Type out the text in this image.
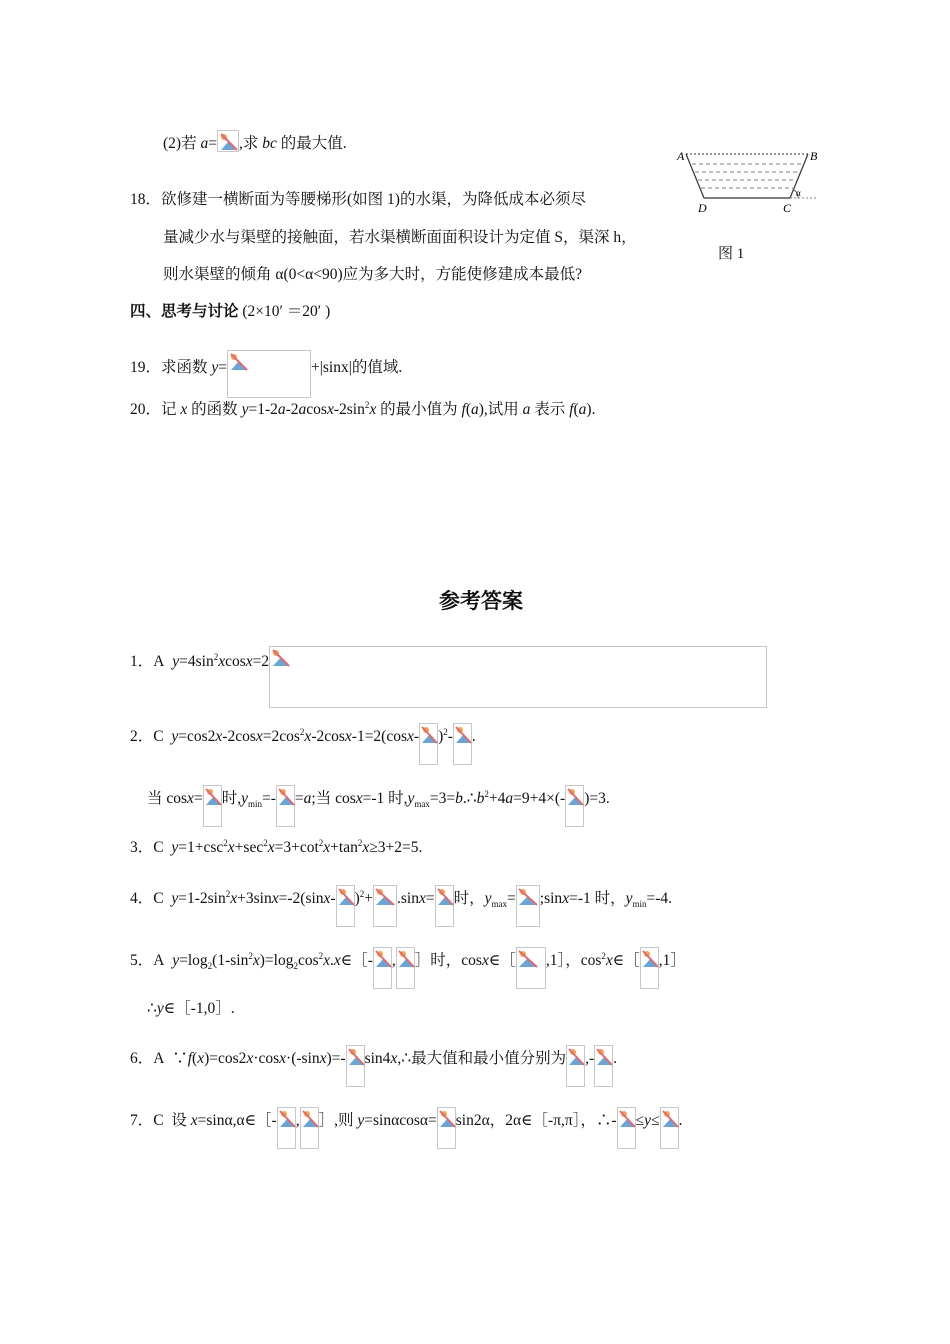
(2)若 a= ,求 bc 的最大值.
18．欲修建一横断面为等腰梯形(如图 1)的水渠，为降低成本必须尽
量减少水与渠壁的接触面，若水渠横断面面积设计为定值 S，渠深 h，
则水渠壁的倾角 α(0<α<90)应为多大时，方能使修建成本最低?
A	B
D	C
α
图 1
四、思考与讨论 (2×10′ ＝20′ )
19．求函数 y=	+|sinx|的值域.
20．记 x 的函数 $y=1-2a-2acosx-2\sin^2x$ 的最小值为 f(a),试用 a 表示 f(a).
参考答案
1．A $y=4\sin^2xcosx=2$
2．C $y=\cos 2x-2\cos x=2\cos^2x-2\cos x-1=2(\cos x-$ )$^2$- .
当 cosx= 时$,y_{min}=- =a$;当 cosx=-1 时$,y_{max}=3=b.\therefore b^2+4a=9+4\times(-$ )=3.
3．C $y=1+\csc^2x+\sec^2x=3+\cot^2x+\tan^2x\ge 3+2=5$.
4．C $y=1-2\sin^2x+3\sin x=-2(\sin x-$ )$^2$+ .sinx= 时，$y_{max}=$ ;sinx=-1 时，$y_{min}=-4$.
5．A $y=\log_2(1-\sin^2x)=\log_2\cos^2x.x\in[-$ , ］时，cosx∈［ ,1］，$\cos^2x\in[$ ,1］
∴y∈［-1,0］.
6．A ∵f(x)=cos2x·cosx·(-sinx)=- sin4x,∴最大值和最小值分别为 ,- .
7．C 设 x=sinα,α∈［- , ］,则 y=sinαcosα= sin2α，2α∈［-π,π］，∴- ≤y≤ .
